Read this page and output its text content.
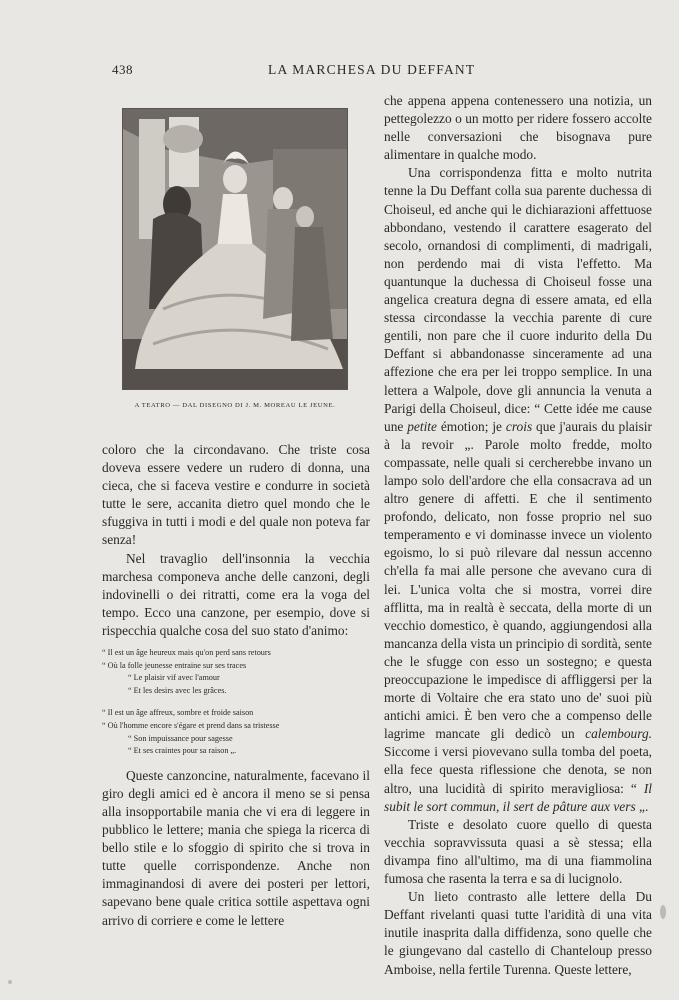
438	LA MARCHESA DU DEFFANT
A TEATRO — DAL DISEGNO DI J. M. MOREAU LE JEUNE.

coloro che la circondavano. Che triste cosa doveva essere vedere un rudero di donna, una cieca, che si faceva vestire e condurre in società tutte le sere, accanita dietro quel mondo che le sfuggiva in tutti i modi e del quale non poteva far senza!

Nel travaglio dell'insonnia la vecchia marchesa componeva anche delle canzoni, degli indovinelli o dei ritratti, come era la voga del tempo. Ecco una canzone, per esempio, dove si rispecchia qualche cosa del suo stato d'animo:

“ Il est un âge heureux mais qu'on perd sans retours
“ Où la folle jeunesse entraine sur ses traces
“ Le plaisir vif avec l'amour
“ Et les desirs avec les grâces.
“ Il est un âge affreux, sombre et froide saison
“ Où l'homme encore s'égare et prend dans sa tristesse
“ Son impuissance pour sagesse
“ Et ses craintes pour sa raison „.

Queste canzoncine, naturalmente, facevano il giro degli amici ed è ancora il meno se si pensa alla insopportabile mania che vi era di leggere in pubblico le lettere; mania che spiega la ricerca di bello stile e lo sfoggio di spirito che si trova in tutte quelle corrispondenze. Anche non immaginandosi di avere dei posteri per lettori, sapevano bene quale critica sottile aspettava ogni arrivo di corriere e come le lettere

che appena appena contenessero una notizia, un pettegolezzo o un motto per ridere fossero accolte nelle conversazioni che bisognava pure alimentare in qualche modo.

Una corrispondenza fitta e molto nutrita tenne la Du Deffant colla sua parente duchessa di Choiseul, ed anche qui le dichiarazioni affettuose abbondano, vestendo il carattere esagerato del secolo, ornandosi di complimenti, di madrigali, non perdendo mai di vista l'effetto. Ma quantunque la duchessa di Choiseul fosse una angelica creatura degna di essere amata, ed ella stessa circondasse la vecchia parente di cure gentili, non pare che il cuore indurito della Du Deffant si abbandonasse sinceramente ad una affezione che era per lei troppo semplice. In una lettera a Walpole, dove gli annuncia la venuta a Parigi della Choiseul, dice: “ Cette idée me cause une petite émotion; je crois que j'aurais du plaisir à la revoir „. Parole molto fredde, molto compassate, nelle quali si cercherebbe invano un lampo solo dell'ardore che ella consacrava ad un altro genere di affetti. E che il sentimento profondo, delicato, non fosse proprio nel suo temperamento e vi dominasse invece un violento egoismo, lo si può rilevare dal nessun accenno ch'ella fa mai alle persone che avevano cura di lei. L'unica volta che si mostra, vorrei dire afflitta, ma in realtà è seccata, della morte di un vecchio domestico, è quando, aggiungendosi alla mancanza della vista un principio di sordità, sente che le sfugge con esso un sostegno; e questa preoccupazione le impedisce di affliggersi per la morte di Voltaire che era stato uno de' suoi più antichi amici. È ben vero che a compenso delle lagrime mancate gli dedicò un calembourg. Siccome i versi piovevano sulla tomba del poeta, ella fece questa riflessione che denota, se non altro, una lucidità di spirito meravigliosa: “ Il subit le sort commun, il sert de pâture aux vers „.

Triste e desolato cuore quello di questa vecchia sopravvissuta quasi a sè stessa; ella divampa fino all'ultimo, ma di una fiammolina fumosa che rasenta la terra e sa di lucignolo.

Un lieto contrasto alle lettere della Du Deffant rivelanti quasi tutte l'aridità di una vita inutile inasprita dalla diffidenza, sono quelle che le giungevano dal castello di Chanteloup presso Amboise, nella fertile Turenna. Queste lettere,
